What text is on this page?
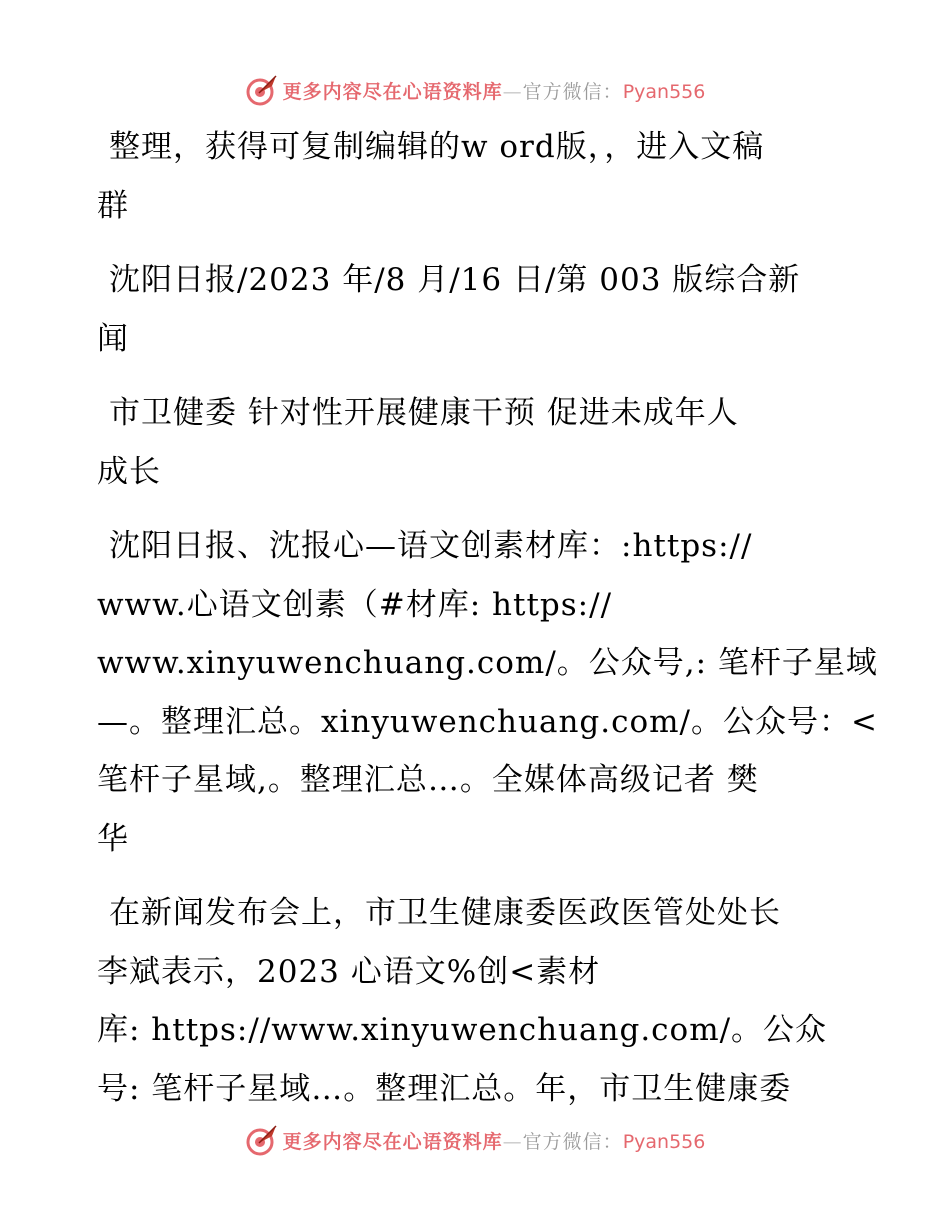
更多内容尽在心语资料库—官方微信：Pyan556

整理，获得可复制编辑的w ord版，，进入文稿
群

沈阳日报/2023 年/8 月/16 日/第 003 版综合新
闻

市卫健委 针对性开展健康干预 促进未成年人
成长

沈阳日报、沈报心—语文创素材库：:https://
www.心语文创素（#材库: https://
www.xinyuwenchuang.com/。公众号,: 笔杆子星域
—。整理汇总。xinyuwenchuang.com/。公众号：<
笔杆子星域,。整理汇总…。全媒体高级记者 樊
华

在新闻发布会上，市卫生健康委医政医管处处长
李斌表示，2023 心语文%创<素材
库: https://www.xinyuwenchuang.com/。公众
号: 笔杆子星域…。整理汇总。年，市卫生健康委

更多内容尽在心语资料库—官方微信：Pyan556
